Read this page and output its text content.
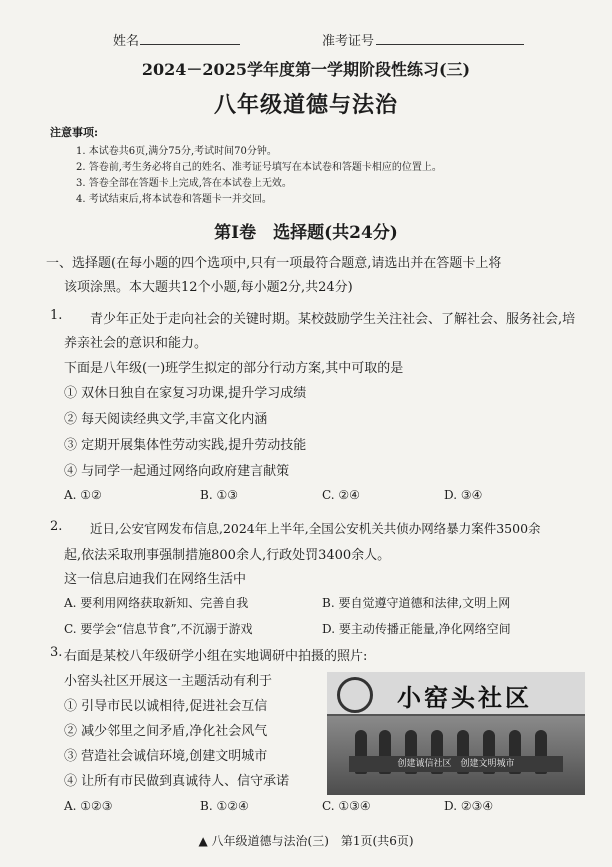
姓名	准考证号
2024－2025学年度第一学期阶段性练习(三)
八年级道德与法治
注意事项:
1. 本试卷共6页,满分75分,考试时间70分钟。
2. 答卷前,考生务必将自己的姓名、准考证号填写在本试卷和答题卡相应的位置上。
3. 答卷全部在答题卡上完成,答在本试卷上无效。
4. 考试结束后,将本试卷和答题卡一并交回。
第Ⅰ卷　选择题(共24分)
一、选择题(在每小题的四个选项中,只有一项最符合题意,请选出并在答题卡上将
该项涂黑。本大题共12个小题,每小题2分,共24分)
1. 青少年正处于走向社会的关键时期。某校鼓励学生关注社会、了解社会、服务社会,培
养亲社会的意识和能力。
下面是八年级(一)班学生拟定的部分行动方案,其中可取的是
① 双休日独自在家复习功课,提升学习成绩
② 每天阅读经典文学,丰富文化内涵
③ 定期开展集体性劳动实践,提升劳动技能
④ 与同学一起通过网络向政府建言献策
A. ①②	B. ①③	C. ②④	D. ③④
2. 近日,公安官网发布信息,2024年上半年,全国公安机关共侦办网络暴力案件3500余
起,依法采取刑事强制措施800余人,行政处罚3400余人。
这一信息启迪我们在网络生活中
A. 要利用网络获取新知、完善自我	B. 要自觉遵守道德和法律,文明上网
C. 要学会“信息节食”,不沉溺于游戏	D. 要主动传播正能量,净化网络空间
3. 右面是某校八年级研学小组在实地调研中拍摄的照片:
小窑头社区开展这一主题活动有利于
① 引导市民以诚相待,促进社会互信
② 减少邻里之间矛盾,净化社会风气
③ 营造社会诚信环境,创建文明城市
④ 让所有市民做到真诚待人、信守承诺
小窑头社区
创建诚信社区　创建文明城市
A. ①②③	B. ①②④	C. ①③④	D. ②③④
▲ 八年级道德与法治(三)　第1页(共6页)
